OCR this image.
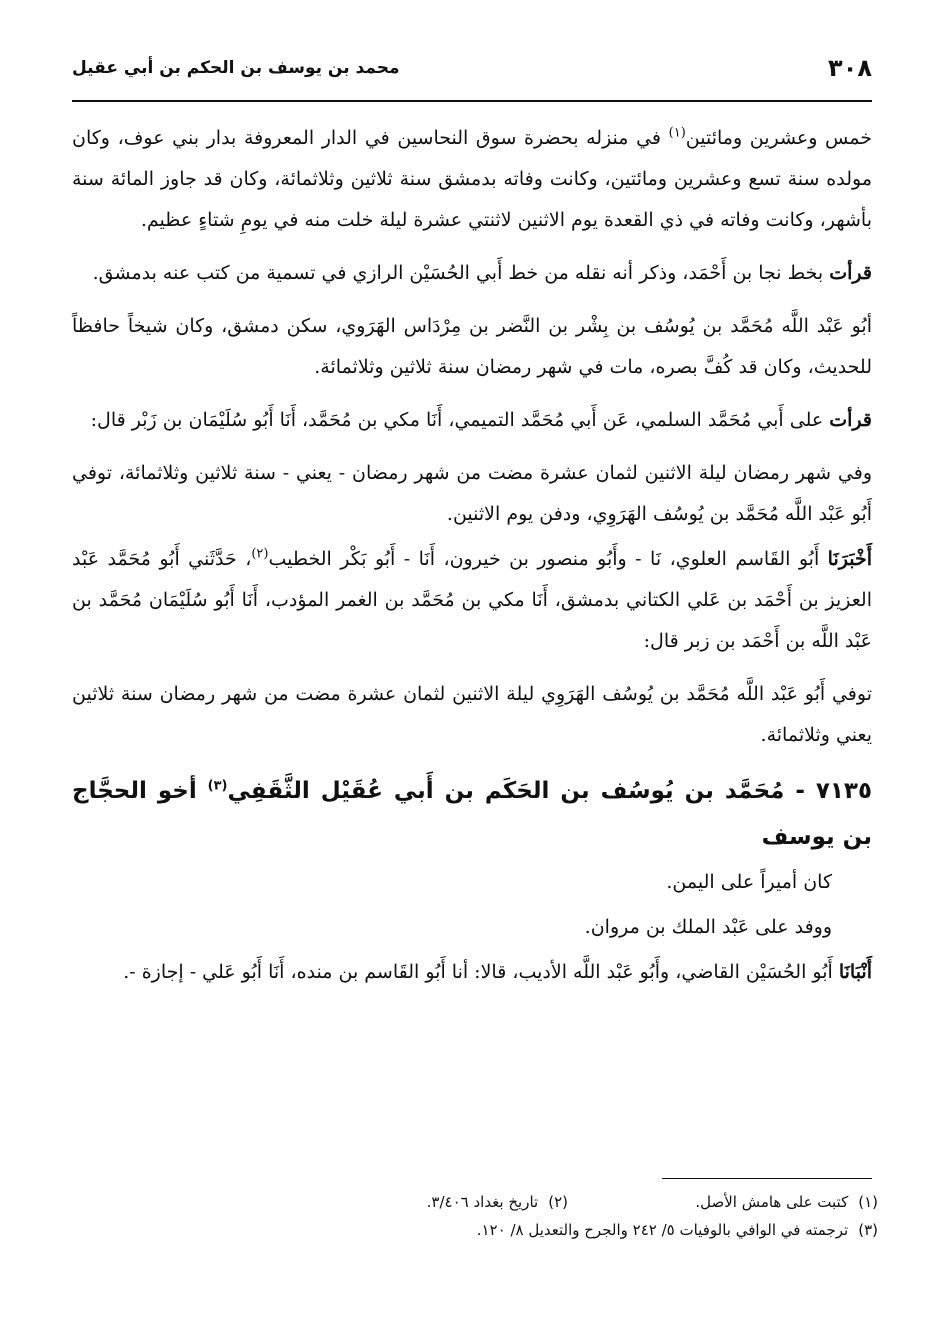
٣٠٨
محمد بن يوسف بن الحكم بن أبي عقيل

خمس وعشرين ومائتين$^{(١)}$ في منزله بحضرة سوق النحاسين في الدار المعروفة بدار بني عوف، وكان مولده سنة تسع وعشرين ومائتين، وكانت وفاته بدمشق سنة ثلاثين وثلاثمائة، وكان قد جاوز المائة سنة بأشهر، وكانت وفاته في ذي القعدة يوم الاثنين لاثنتي عشرة ليلة خلت منه في يومِ شتاءٍ عظيم.

قرأت بخط نجا بن أَحْمَد، وذكر أنه نقله من خط أَبي الحُسَيْن الرازي في تسمية من كتب عنه بدمشق.

أبُو عَبْد اللَّه مُحَمَّد بن يُوسُف بن بِشْر بن النَّضر بن مِرْدَاس الهَرَوي، سكن دمشق، وكان شيخاً حافظاً للحديث، وكان قد كُفَّ بصره، مات في شهر رمضان سنة ثلاثين وثلاثمائة.

قرأت على أَبي مُحَمَّد السلمي، عَن أَبي مُحَمَّد التميمي، أَنَا مكي بن مُحَمَّد، أَنَا أَبُو سُلَيْمَان بن زَبْر قال:

وفي شهر رمضان ليلة الاثنين لثمان عشرة مضت من شهر رمضان - يعني - سنة ثلاثين وثلاثمائة، توفي أَبُو عَبْد اللَّه مُحَمَّد بن يُوسُف الهَرَوِي، ودفن يوم الاثنين.

أَخْبَرَنَا أَبُو القَاسم العلوي، نَا - وأَبُو منصور بن خيرون، أَنَا - أَبُو بَكْر الخطيب$^{(٢)}$، حَدَّثَني أَبُو مُحَمَّد عَبْد العزيز بن أَحْمَد بن عَلي الكتاني بدمشق، أَنَا مكي بن مُحَمَّد بن الغمر المؤدب، أَنَا أَبُو سُلَيْمَان مُحَمَّد بن عَبْد اللَّه بن أَحْمَد بن زبر قال:

توفي أَبُو عَبْد اللَّه مُحَمَّد بن يُوسُف الهَرَوِي ليلة الاثنين لثمان عشرة مضت من شهر رمضان سنة ثلاثين يعني وثلاثمائة.

٧١٣٥ - مُحَمَّد بن يُوسُف بن الحَكَم بن أَبي عُقَيْل الثَّقَفِي$^{(٣)}$ أخو الحجَّاج بن يوسف

كان أميراً على اليمن.

ووفد على عَبْد الملك بن مروان.

أَنْبَانَا أَبُو الحُسَيْن القاضي، وأَبُو عَبْد اللَّه الأديب، قالا: أنا أَبُو القَاسم بن منده، أَنَا أَبُو عَلي - إجازة -.

(١)كتبت على هامش الأصل.
(٢)تاريخ بغداد ٣/٤٠٦.
(٣)ترجمته في الوافي بالوفيات ٥/ ٢٤٢ والجرح والتعديل ٨/ ١٢٠.
